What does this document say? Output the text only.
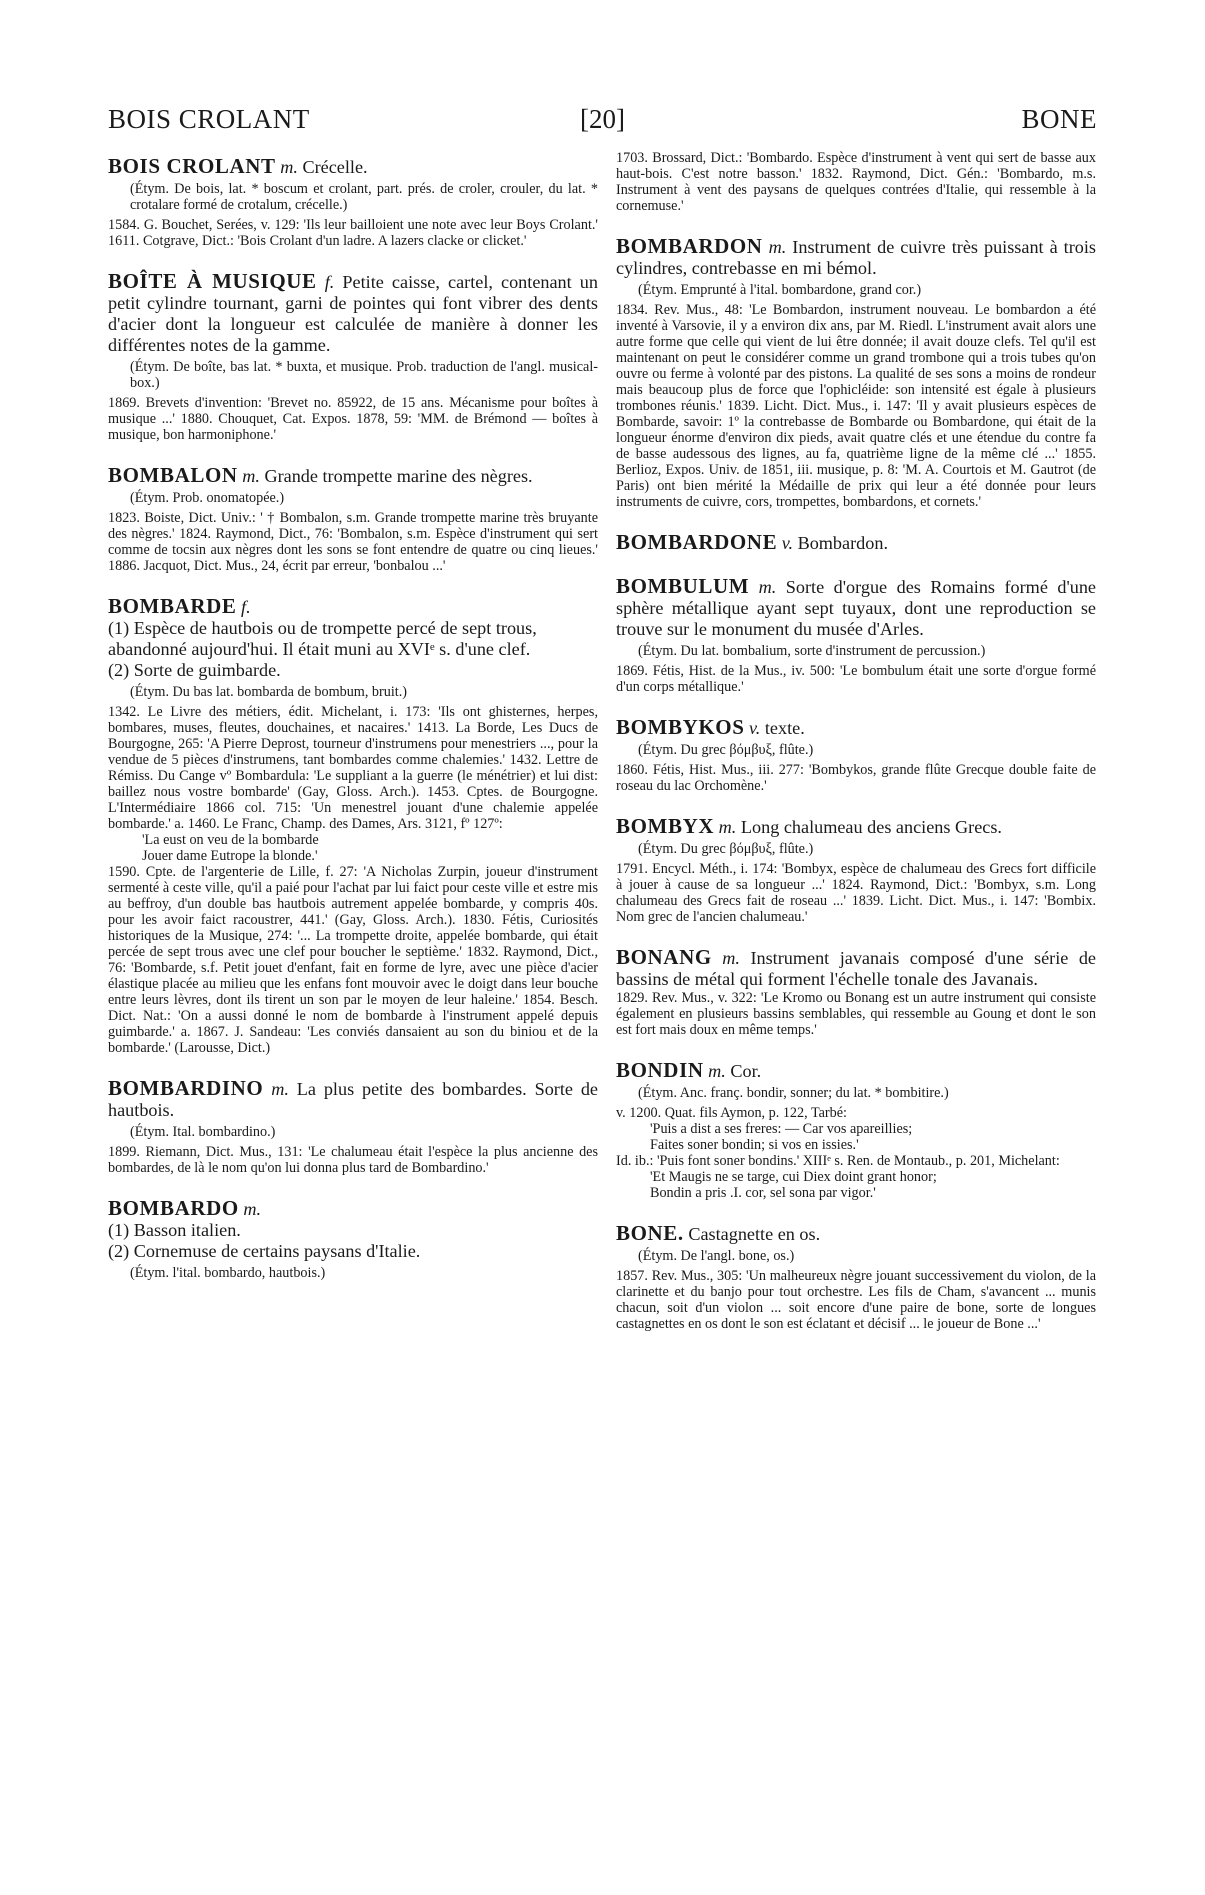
BOIS CROLANT	[20]	BONE

BOIS CROLANT m. Crécelle.

(Étym. De bois, lat. * boscum et crolant, part. prés. de croler, crouler, du lat. * crotalare formé de crotalum, crécelle.)

1584. G. Bouchet, Serées, v. 129: 'Ils leur bailloient une note avec leur Boys Crolant.' 1611. Cotgrave, Dict.: 'Bois Crolant d'un ladre. A lazers clacke or clicket.'

BOÎTE À MUSIQUE f. Petite caisse, cartel, contenant un petit cylindre tournant, garni de pointes qui font vibrer des dents d'acier dont la longueur est calculée de manière à donner les différentes notes de la gamme.

(Étym. De boîte, bas lat. * buxta, et musique. Prob. traduction de l'angl. musical-box.)

1869. Brevets d'invention: 'Brevet no. 85922, de 15 ans. Mécanisme pour boîtes à musique ...' 1880. Chouquet, Cat. Expos. 1878, 59: 'MM. de Brémond — boîtes à musique, bon harmoniphone.'

BOMBALON m. Grande trompette marine des nègres.

(Étym. Prob. onomatopée.)

1823. Boiste, Dict. Univ.: ' † Bombalon, s.m. Grande trompette marine très bruyante des nègres.' 1824. Raymond, Dict., 76: 'Bombalon, s.m. Espèce d'instrument qui sert comme de tocsin aux nègres dont les sons se font entendre de quatre ou cinq lieues.' 1886. Jacquot, Dict. Mus., 24, écrit par erreur, 'bonbalou ...'

BOMBARDE f.

(1) Espèce de hautbois ou de trompette percé de sept trous, abandonné aujourd'hui. Il était muni au XVIᵉ s. d'une clef.

(2) Sorte de guimbarde.

(Étym. Du bas lat. bombarda de bombum, bruit.)

1342. Le Livre des métiers, édit. Michelant, i. 173: 'Ils ont ghisternes, herpes, bombares, muses, fleutes, douchaines, et nacaires.' 1413. La Borde, Les Ducs de Bourgogne, 265: 'A Pierre Deprost, tourneur d'instrumens pour menestriers ..., pour la vendue de 5 pièces d'instrumens, tant bombardes comme chalemies.' 1432. Lettre de Rémiss. Du Cange vº Bombardula: 'Le suppliant a la guerre (le ménétrier) et lui dist: baillez nous vostre bombarde' (Gay, Gloss. Arch.). 1453. Cptes. de Bourgogne. L'Intermédiaire 1866 col. 715: 'Un menestrel jouant d'une chalemie appelée bombarde.' a. 1460. Le Franc, Champ. des Dames, Ars. 3121, fº 127º:

'La eust on veu de la bombarde
Jouer dame Eutrope la blonde.'

1590. Cpte. de l'argenterie de Lille, f. 27: 'A Nicholas Zurpin, joueur d'instrument sermenté à ceste ville, qu'il a paié pour l'achat par lui faict pour ceste ville et estre mis au beffroy, d'un double bas hautbois autrement appelée bombarde, y compris 40s. pour les avoir faict racoustrer, 441.' (Gay, Gloss. Arch.). 1830. Fétis, Curiosités historiques de la Musique, 274: '... La trompette droite, appelée bombarde, qui était percée de sept trous avec une clef pour boucher le septième.' 1832. Raymond, Dict., 76: 'Bombarde, s.f. Petit jouet d'enfant, fait en forme de lyre, avec une pièce d'acier élastique placée au milieu que les enfans font mouvoir avec le doigt dans leur bouche entre leurs lèvres, dont ils tirent un son par le moyen de leur haleine.' 1854. Besch. Dict. Nat.: 'On a aussi donné le nom de bombarde à l'instrument appelé depuis guimbarde.' a. 1867. J. Sandeau: 'Les conviés dansaient au son du biniou et de la bombarde.' (Larousse, Dict.)

BOMBARDINO m. La plus petite des bombardes. Sorte de hautbois.

(Étym. Ital. bombardino.)

1899. Riemann, Dict. Mus., 131: 'Le chalumeau était l'espèce la plus ancienne des bombardes, de là le nom qu'on lui donna plus tard de Bombardino.'

BOMBARDO m.

(1) Basson italien.

(2) Cornemuse de certains paysans d'Italie.

(Étym. l'ital. bombardo, hautbois.)

1703. Brossard, Dict.: 'Bombardo. Espèce d'instrument à vent qui sert de basse aux haut-bois. C'est notre basson.' 1832. Raymond, Dict. Gén.: 'Bombardo, m.s. Instrument à vent des paysans de quelques contrées d'Italie, qui ressemble à la cornemuse.'

BOMBARDON m. Instrument de cuivre très puissant à trois cylindres, contrebasse en mi bémol.

(Étym. Emprunté à l'ital. bombardone, grand cor.)

1834. Rev. Mus., 48: 'Le Bombardon, instrument nouveau. Le bombardon a été inventé à Varsovie, il y a environ dix ans, par M. Riedl. L'instrument avait alors une autre forme que celle qui vient de lui être donnée; il avait douze clefs. Tel qu'il est maintenant on peut le considérer comme un grand trombone qui a trois tubes qu'on ouvre ou ferme à volonté par des pistons. La qualité de ses sons a moins de rondeur mais beaucoup plus de force que l'ophicléide: son intensité est égale à plusieurs trombones réunis.' 1839. Licht. Dict. Mus., i. 147: 'Il y avait plusieurs espèces de Bombarde, savoir: 1º la contrebasse de Bombarde ou Bombardone, qui était de la longueur énorme d'environ dix pieds, avait quatre clés et une étendue du contre fa de basse audessous des lignes, au fa, quatrième ligne de la même clé ...' 1855. Berlioz, Expos. Univ. de 1851, iii. musique, p. 8: 'M. A. Courtois et M. Gautrot (de Paris) ont bien mérité la Médaille de prix qui leur a été donnée pour leurs instruments de cuivre, cors, trompettes, bombardons, et cornets.'

BOMBARDONE v. Bombardon.

BOMBULUM m. Sorte d'orgue des Romains formé d'une sphère métallique ayant sept tuyaux, dont une reproduction se trouve sur le monument du musée d'Arles.

(Étym. Du lat. bombalium, sorte d'instrument de percussion.)

1869. Fétis, Hist. de la Mus., iv. 500: 'Le bombulum était une sorte d'orgue formé d'un corps métallique.'

BOMBYKOS v. texte.

(Étym. Du grec βόμβυξ, flûte.)

1860. Fétis, Hist. Mus., iii. 277: 'Bombykos, grande flûte Grecque double faite de roseau du lac Orchomène.'

BOMBYX m. Long chalumeau des anciens Grecs.

(Étym. Du grec βόμβυξ, flûte.)

1791. Encycl. Méth., i. 174: 'Bombyx, espèce de chalumeau des Grecs fort difficile à jouer à cause de sa longueur ...' 1824. Raymond, Dict.: 'Bombyx, s.m. Long chalumeau des Grecs fait de roseau ...' 1839. Licht. Dict. Mus., i. 147: 'Bombix. Nom grec de l'ancien chalumeau.'

BONANG m. Instrument javanais composé d'une série de bassins de métal qui forment l'échelle tonale des Javanais.

1829. Rev. Mus., v. 322: 'Le Kromo ou Bonang est un autre instrument qui consiste également en plusieurs bassins semblables, qui ressemble au Goung et dont le son est fort mais doux en même temps.'

BONDIN m. Cor.

(Étym. Anc. franç. bondir, sonner; du lat. * bombitire.)

v. 1200. Quat. fils Aymon, p. 122, Tarbé:

'Puis a dist a ses freres: — Car vos apareillies;
Faites soner bondin; si vos en issies.'

Id. ib.: 'Puis font soner bondins.' XIIIᵉ s. Ren. de Montaub., p. 201, Michelant:

'Et Maugis ne se targe, cui Diex doint grant honor;
Bondin a pris .I. cor, sel sona par vigor.'

BONE. Castagnette en os.

(Étym. De l'angl. bone, os.)

1857. Rev. Mus., 305: 'Un malheureux nègre jouant successivement du violon, de la clarinette et du banjo pour tout orchestre. Les fils de Cham, s'avancent ... munis chacun, soit d'un violon ... soit encore d'une paire de bone, sorte de longues castagnettes en os dont le son est éclatant et décisif ... le joueur de Bone ...'
